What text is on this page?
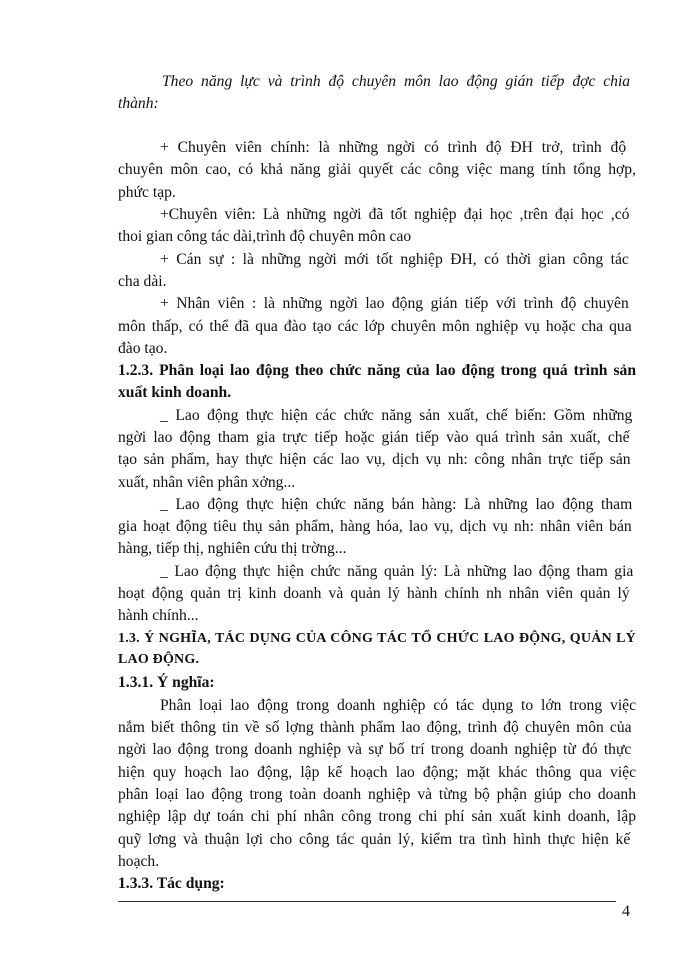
4
Theo năng lực và trình độ chuyên môn lao động gián tiếp đợc chia
thành:
+ Chuyên viên chính: là những ngời có trình độ ĐH trở, trình độ
chuyên môn cao, có khả năng giải quyết các công việc mang tính tổng hợp,
phức tạp.
+Chuyên viên: Là những ngời đã tốt nghiệp đại học ,trên đại học ,có
thoi gian công tác dài,trình độ chuyên môn cao
+ Cán sự : là những ngời mới tốt nghiệp ĐH, có thời gian công tác
cha dài.
+ Nhân viên : là những ngời lao động gián tiếp với trình độ chuyên
môn thấp, có thể đã qua đào tạo các lớp chuyên môn nghiệp vụ hoặc cha qua
đào tạo.
1.2.3. Phân loại lao động theo chức năng của lao động trong quá trình sản
xuất kinh doanh.
_ Lao động thực hiện các chức năng sản xuất, chế biến: Gồm những
ngời lao động tham gia trực tiếp hoặc gián tiếp vào quá trình sản xuất, chế
tạo sản phẩm, hay thực hiện các lao vụ, dịch vụ nh: công nhân trực tiếp sản
xuất, nhân viên phân xởng...
_ Lao động thực hiện chức năng bán hàng: Là những lao động tham
gia hoạt động tiêu thụ sản phẩm, hàng hóa, lao vụ, dịch vụ nh: nhân viên bán
hàng, tiếp thị, nghiên cứu thị trờng...
_ Lao động thực hiện chức năng quản lý: Là những lao động tham gia
hoạt động quản trị kinh doanh và quản lý hành chính nh nhân viên quản lý
hành chính...
1.3. Ý NGHĨA, TÁC DỤNG CỦA CÔNG TÁC TỔ CHỨC LAO ĐỘNG, QUẢN LÝ
LAO ĐỘNG.
1.3.1. Ý nghĩa:
Phân loại lao động trong doanh nghiệp có tác dụng to lớn trong việc
nắm biết thông tin về số lợng thành phẩm lao động, trình độ chuyên môn của
ngời lao động trong doanh nghiệp và sự bố trí trong doanh nghiệp từ đó thực
hiện quy hoạch lao động, lập kế hoạch lao động; mặt khác thông qua việc
phân loại lao động trong toàn doanh nghiệp và từng bộ phận giúp cho doanh
nghiệp lập dự toán chi phí nhân công trong chi phí sản xuất kinh doanh, lập
quỹ lơng và thuận lợi cho công tác quản lý, kiểm tra tình hình thực hiện kế
hoạch.
1.3.3. Tác dụng:
